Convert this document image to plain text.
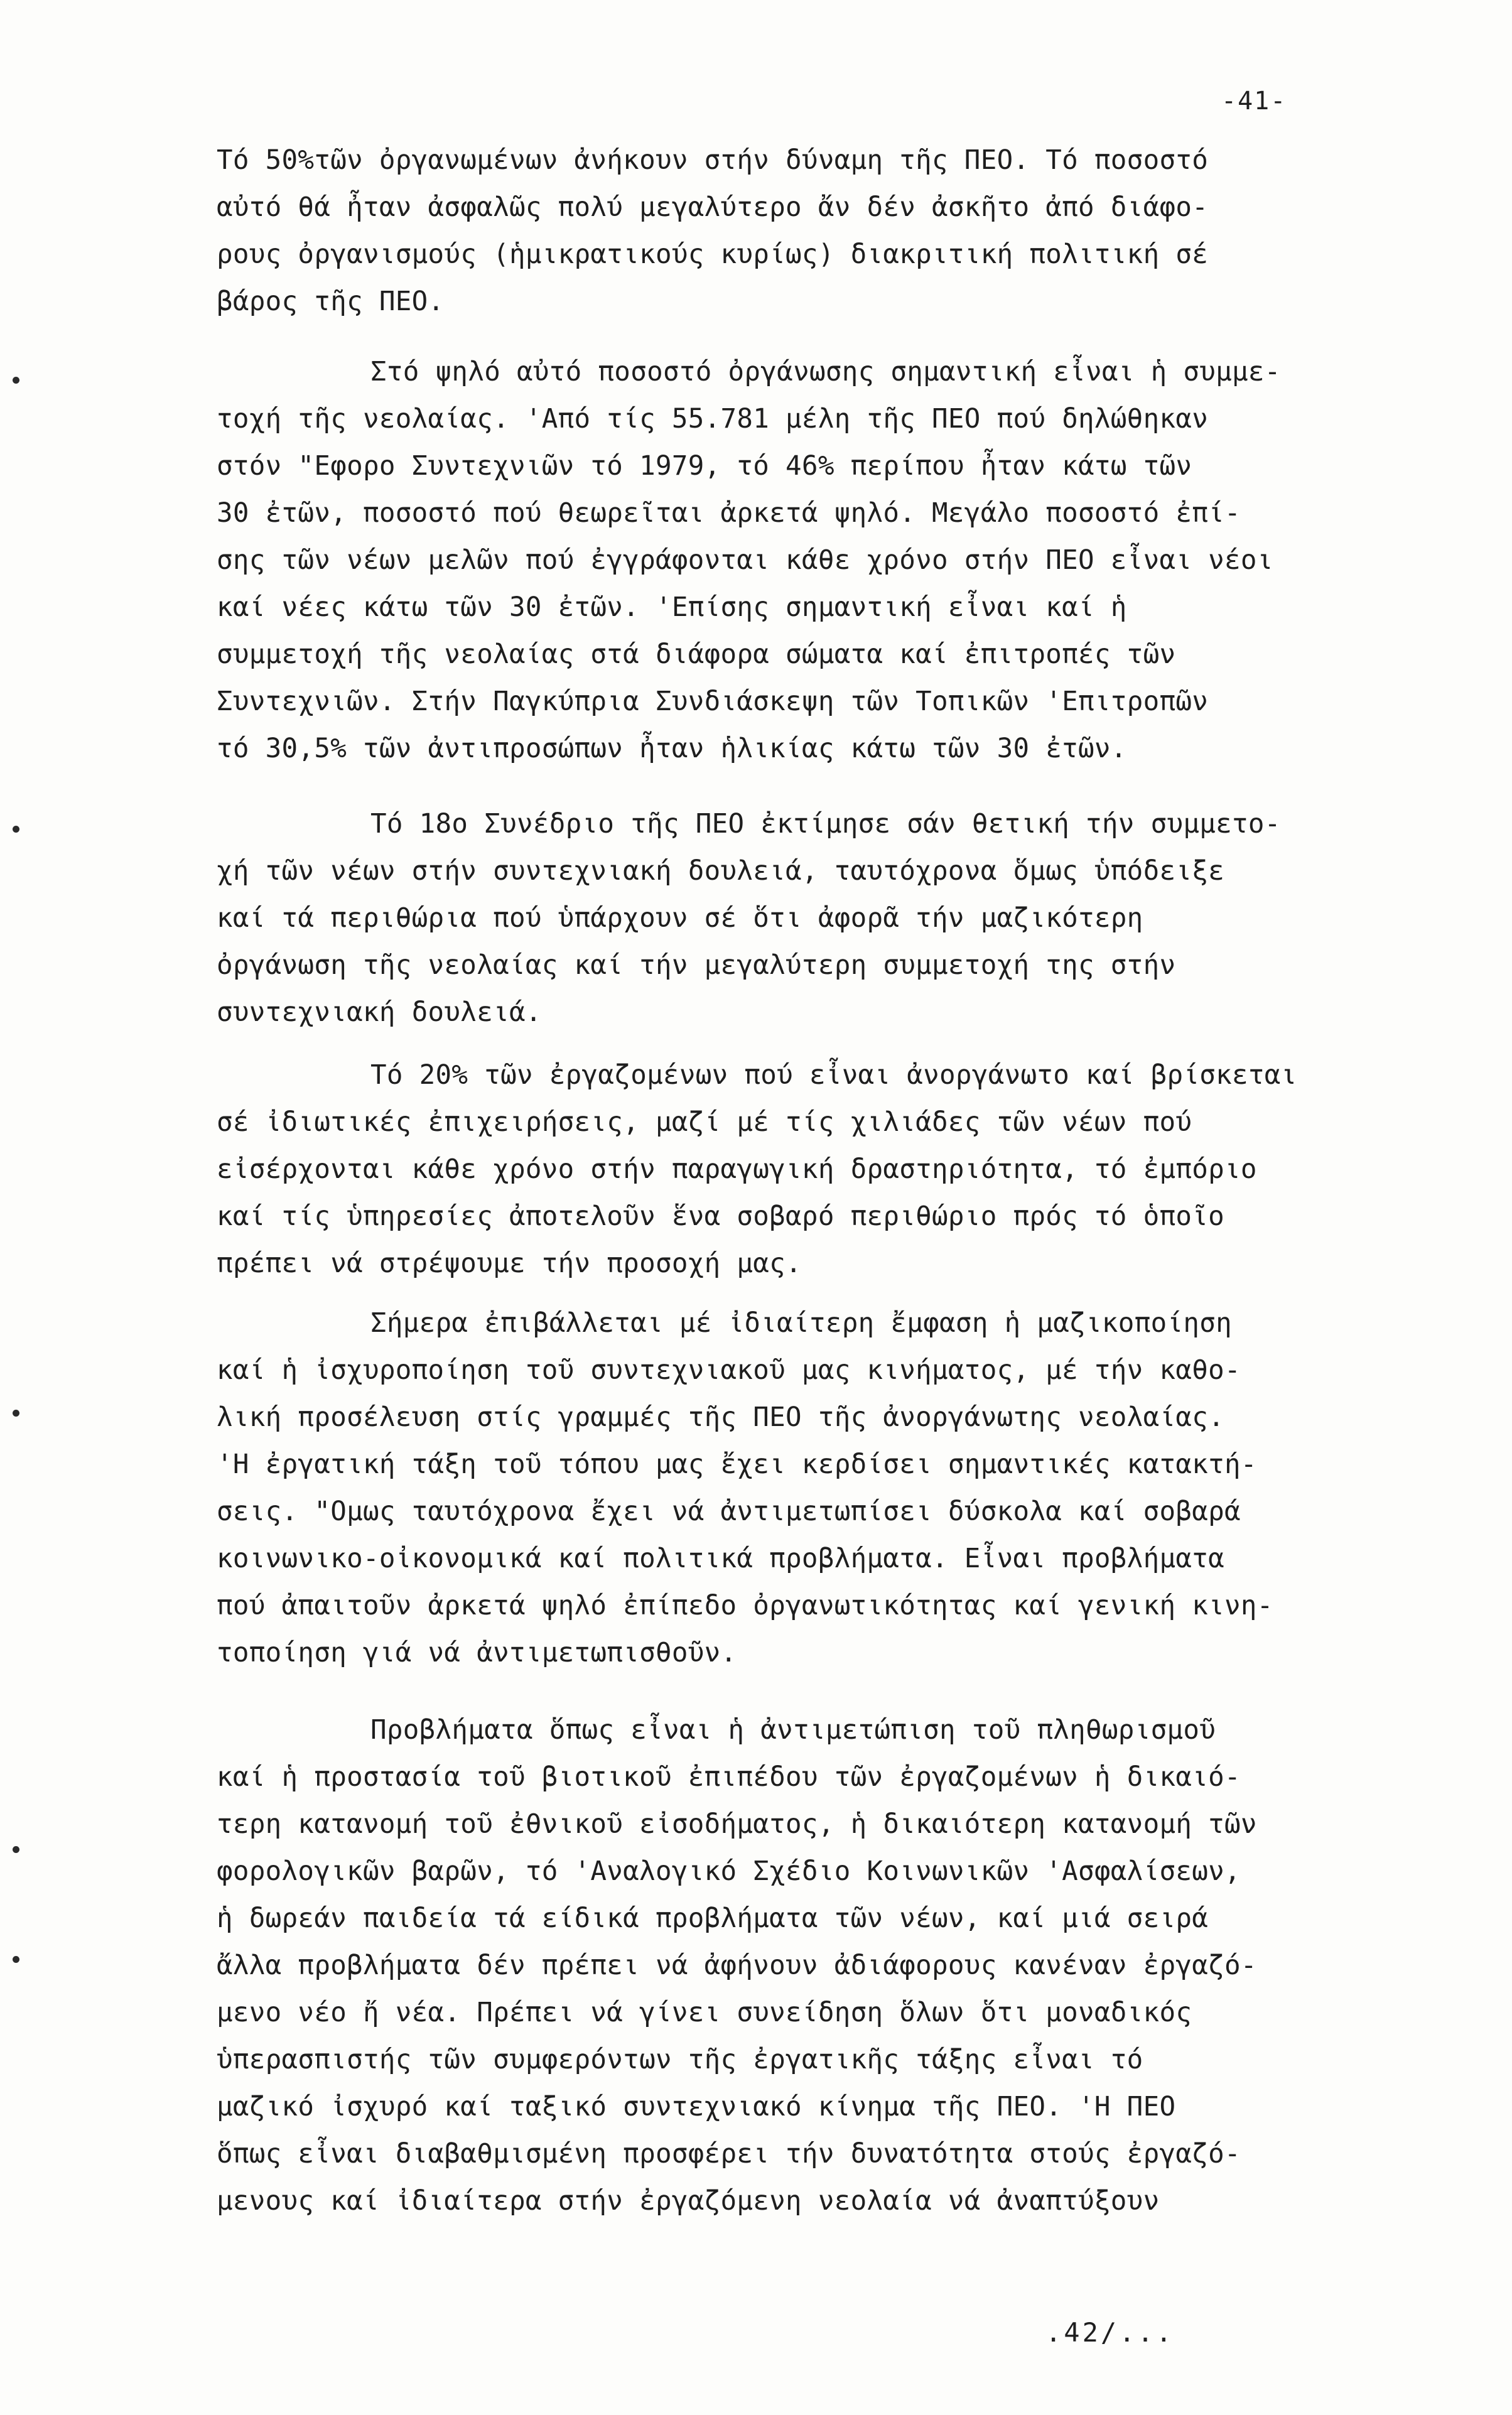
-41-
Τό 50%τῶν ὀργανωμένων ἀνήκουν στήν δύναμη τῆς ΠΕΟ. Τό ποσοστό
αὐτό θά ἦταν ἀσφαλῶς πολύ μεγαλύτερο ἄν δέν ἀσκῆτο ἀπό διάφο-
ρους ὀργανισμούς (ἡμικρατικούς κυρίως) διακριτική πολιτική σέ
βάρος τῆς ΠΕΟ.
Στό ψηλό αὐτό ποσοστό ὀργάνωσης σημαντική εἶναι ἡ συμμε-
τοχή τῆς νεολαίας. 'Από τίς 55.781 μέλη τῆς ΠΕΟ πού δηλώθηκαν
στόν "Εφορο Συντεχνιῶν τό 1979, τό 46% περίπου ἦταν κάτω τῶν
30 ἐτῶν, ποσοστό πού θεωρεῖται ἀρκετά ψηλό. Μεγάλο ποσοστό ἐπί-
σης τῶν νέων μελῶν πού ἐγγράφονται κάθε χρόνο στήν ΠΕΟ εἶναι νέοι
καί νέες κάτω τῶν 30 ἐτῶν. 'Επίσης σημαντική εἶναι καί ἡ
συμμετοχή τῆς νεολαίας στά διάφορα σώματα καί ἐπιτροπές τῶν
Συντεχνιῶν. Στήν Παγκύπρια Συνδιάσκεψη τῶν Τοπικῶν 'Επιτροπῶν
τό 30,5% τῶν ἀντιπροσώπων ἦταν ἡλικίας κάτω τῶν 30 ἐτῶν.
Τό 18ο Συνέδριο τῆς ΠΕΟ ἐκτίμησε σάν θετική τήν συμμετο-
χή τῶν νέων στήν συντεχνιακή δουλειά, ταυτόχρονα ὅμως ὑπόδειξε
καί τά περιθώρια πού ὑπάρχουν σέ ὅτι ἀφορᾶ τήν μαζικότερη
ὀργάνωση τῆς νεολαίας καί τήν μεγαλύτερη συμμετοχή της στήν
συντεχνιακή δουλειά.
Τό 20% τῶν ἐργαζομένων πού εἶναι ἀνοργάνωτο καί βρίσκεται
σέ ἰδιωτικές ἐπιχειρήσεις, μαζί μέ τίς χιλιάδες τῶν νέων πού
εἰσέρχονται κάθε χρόνο στήν παραγωγική δραστηριότητα, τό ἐμπόριο
καί τίς ὑπηρεσίες ἀποτελοῦν ἕνα σοβαρό περιθώριο πρός τό ὁποῖο
πρέπει νά στρέψουμε τήν προσοχή μας.
Σήμερα ἐπιβάλλεται μέ ἰδιαίτερη ἔμφαση ἡ μαζικοποίηση
καί ἡ ἰσχυροποίηση τοῦ συντεχνιακοῦ μας κινήματος, μέ τήν καθο-
λική προσέλευση στίς γραμμές τῆς ΠΕΟ τῆς ἀνοργάνωτης νεολαίας.
'Η ἐργατική τάξη τοῦ τόπου μας ἔχει κερδίσει σημαντικές κατακτή-
σεις. "Ομως ταυτόχρονα ἔχει νά ἀντιμετωπίσει δύσκολα καί σοβαρά
κοινωνικο-οἰκονομικά καί πολιτικά προβλήματα. Εἶναι προβλήματα
πού ἀπαιτοῦν ἀρκετά ψηλό ἐπίπεδο ὀργανωτικότητας καί γενική κινη-
τοποίηση γιά νά ἀντιμετωπισθοῦν.
Προβλήματα ὅπως εἶναι ἡ ἀντιμετώπιση τοῦ πληθωρισμοῦ
καί ἡ προστασία τοῦ βιοτικοῦ ἐπιπέδου τῶν ἐργαζομένων ἡ δικαιό-
τερη κατανομή τοῦ ἐθνικοῦ εἰσοδήματος, ἡ δικαιότερη κατανομή τῶν
φορολογικῶν βαρῶν, τό 'Αναλογικό Σχέδιο Κοινωνικῶν 'Ασφαλίσεων,
ἡ δωρεάν παιδεία τά είδικά προβλήματα τῶν νέων, καί μιά σειρά
ἄλλα προβλήματα δέν πρέπει νά ἀφήνουν ἀδιάφορους κανέναν ἐργαζό-
μενο νέο ἤ νέα. Πρέπει νά γίνει συνείδηση ὅλων ὅτι μοναδικός
ὑπερασπιστής τῶν συμφερόντων τῆς ἐργατικῆς τάξης εἶναι τό
μαζικό ἰσχυρό καί ταξικό συντεχνιακό κίνημα τῆς ΠΕΟ. 'Η ΠΕΟ
ὅπως εἶναι διαβαθμισμένη προσφέρει τήν δυνατότητα στούς ἐργαζό-
μενους καί ἰδιαίτερα στήν ἐργαζόμενη νεολαία νά ἀναπτύξουν
.42/...
